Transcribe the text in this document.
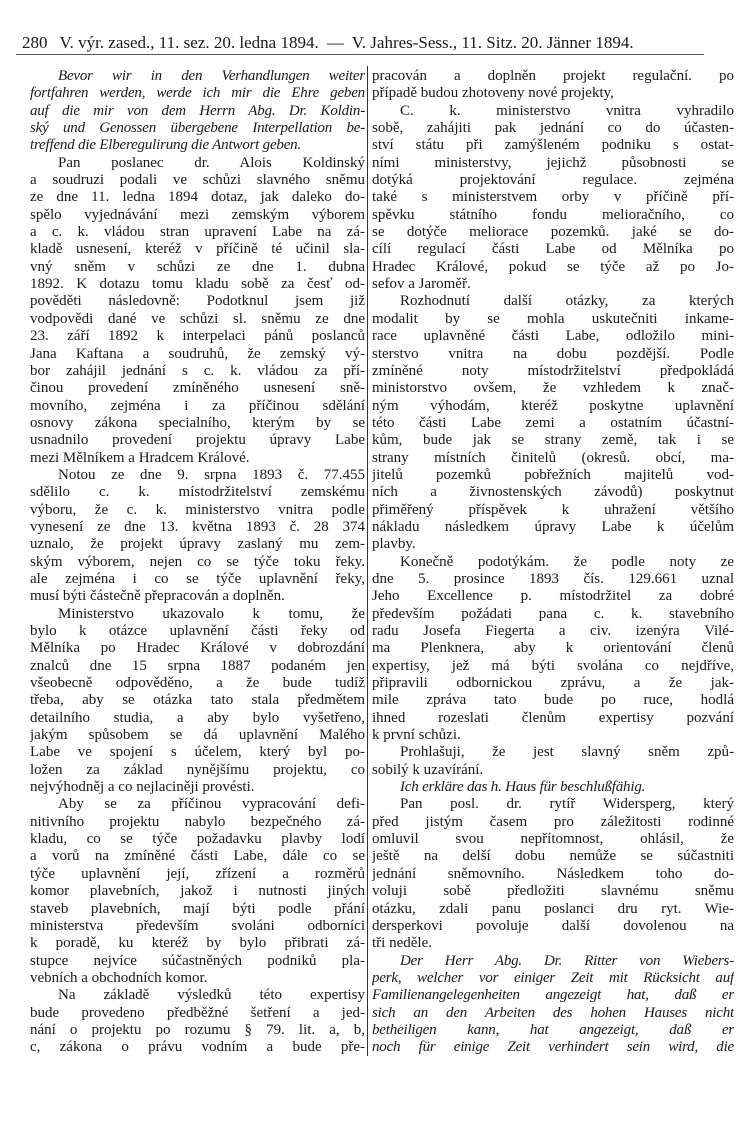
280 V. výr. zased., 11. sez. 20. ledna 1894. — V. Jahres-Sess., 11. Sitz. 20. Jänner 1894.
Bevor wir in den Verhandlungen weiter
fortfahren werden, werde ich mir die Ehre geben
auf die mir von dem Herrn Abg. Dr. Koldin-
ský und Genossen übergebene Interpellation be-
treffend die Elberegulirung die Antwort geben.
Pan poslanec dr. Alois Koldinský
a soudruzi podali ve schůzi slavného sněmu
ze dne 11. ledna 1894 dotaz, jak daleko do-
spělo vyjednávání mezi zemským výborem
a c. k. vládou stran upravení Labe na zá-
kladě usnesení, kteréž v příčině té učinil sla-
vný sněm v schůzi ze dne 1. dubna
1892. K dotazu tomu kladu sobě za česť od-
pověděti následovně: Podotknul jsem již
vodpovědi dané ve schůzi sl. sněmu ze dne
23. září 1892 k interpelaci pánů poslanců
Jana Kaftana a soudruhů, že zemský vý-
bor zahájil jednání s c. k. vládou za pří-
činou provedení zmíněného usnesení sně-
movního, zejména i za příčinou sdělání
osnovy zákona specialního, kterým by se
usnadnilo provedení projektu úpravy Labe
mezi Mělníkem a Hradcem Králové.
Notou ze dne 9. srpna 1893 č. 77.455
sdělilo c. k. místodržitelství zemskému
výboru, že c. k. ministerstvo vnitra podle
vynesení ze dne 13. května 1893 č. 28 374
uznalo, že projekt úpravy zaslaný mu zem-
ským výborem, nejen co se týče toku řeky.
ale zejména i co se týče uplavnění řeky,
musí býti částečně přepracován a doplněn.
Ministerstvo ukazovalo k tomu, že
bylo k otázce uplavnění části řeky od
Mělníka po Hradec Králové v dobrozdání
znalců dne 15 srpna 1887 podaném jen
všeobecně odpověděno, a že bude tudíž
třeba, aby se otázka tato stala předmětem
detailního studia, a aby bylo vyšetřeno,
jakým spůsobem se dá uplavnění Malého
Labe ve spojení s účelem, který byl po-
ložen za základ nynějšímu projektu, co
nejvýhodněj a co nejlaciněji provésti.
Aby se za příčinou vypracování defi-
nitivního projektu nabylo bezpečného zá-
kladu, co se týče požadavku plavby lodí
a vorů na zmíněné části Labe, dále co se
týče uplavnění její, zřízení a rozměrů
komor plavebních, jakož i nutnosti jiných
staveb plavebních, mají býti podle přání
ministerstva především svoláni odborníci
k poradě, ku kteréž by bylo přibrati zá-
stupce nejvíce súčastněných podniků pla-
vebních a obchodních komor.
Na základě výsledků této expertisy
bude provedeno předběžné šetření a jed-
nání o projektu po rozumu § 79. lit. a, b,
c, zákona o právu vodním a bude pře-
pracován a doplněn projekt regulační. po
případě budou zhotoveny nové projekty,
C. k. ministerstvo vnitra vyhradilo
sobě, zahájiti pak jednání co do účasten-
ství státu při zamýšleném podniku s ostat-
ními ministerstvy, jejichž působnosti se
dotýká projektování regulace. zejména
také s ministerstvem orby v příčině pří-
spěvku státního fondu melioračního, co
se dotýče meliorace pozemků. jaké se do-
cílí regulací části Labe od Mělníka po
Hradec Králové, pokud se týče až po Jo-
sefov a Jaroměř.
Rozhodnutí další otázky, za kterých
modalit by se mohla uskutečniti inkame-
race uplavněné části Labe, odložilo mini-
sterstvo vnitra na dobu pozdější. Podle
zmíněné noty místodržitelství předpokládá
ministorstvo ovšem, že vzhledem k znač-
ným výhodám, kteréž poskytne uplavnění
této části Labe zemi a ostatním účastní-
kům, bude jak se strany země, tak i se
strany místních činitelů (okresů. obcí, ma-
jitelů pozemků pobřežních majitelů vod-
ních a živnostenských závodů) poskytnut
přiměřený příspěvek k uhražení většího
nákladu následkem úpravy Labe k účelům
plavby.
Konečně podotýkám. že podle noty ze
dne 5. prosince 1893 čís. 129.661 uznal
Jeho Excellence p. místodržitel za dobré
především požádati pana c. k. stavebního
radu Josefa Fiegerta a civ. izenýra Vilé-
ma Plenknera, aby k orientování členů
expertisy, jež má býti svolána co nejdříve,
připravili odbornickou zprávu, a že jak-
mile zpráva tato bude po ruce, hodlá
ihned rozeslati členům expertisy pozvání
k první schůzi.
Prohlašuji, že jest slavný sněm způ-
sobilý k uzavírání.
Ich erkläre das h. Haus für beschlußfähig.
Pan posl. dr. rytíř Widersperg, který
před jistým časem pro záležitosti rodinné
omluvil svou nepřítomnost, ohlásil, že
ještě na delší dobu nemůže se súčastniti
jednání sněmovního. Následkem toho do-
voluji sobě předložiti slavnému sněmu
otázku, zdali panu poslanci dru ryt. Wie-
dersperkovi povoluje další dovolenou na
tři neděle.
Der Herr Abg. Dr. Ritter von Wiebers-
perk, welcher vor einiger Zeit mit Rücksicht auf
Familienangelegenheiten angezeigt hat, daß er
sich an den Arbeiten des hohen Hauses nicht
betheiligen kann, hat angezeigt, daß er
noch für einige Zeit verhindert sein wird, die
